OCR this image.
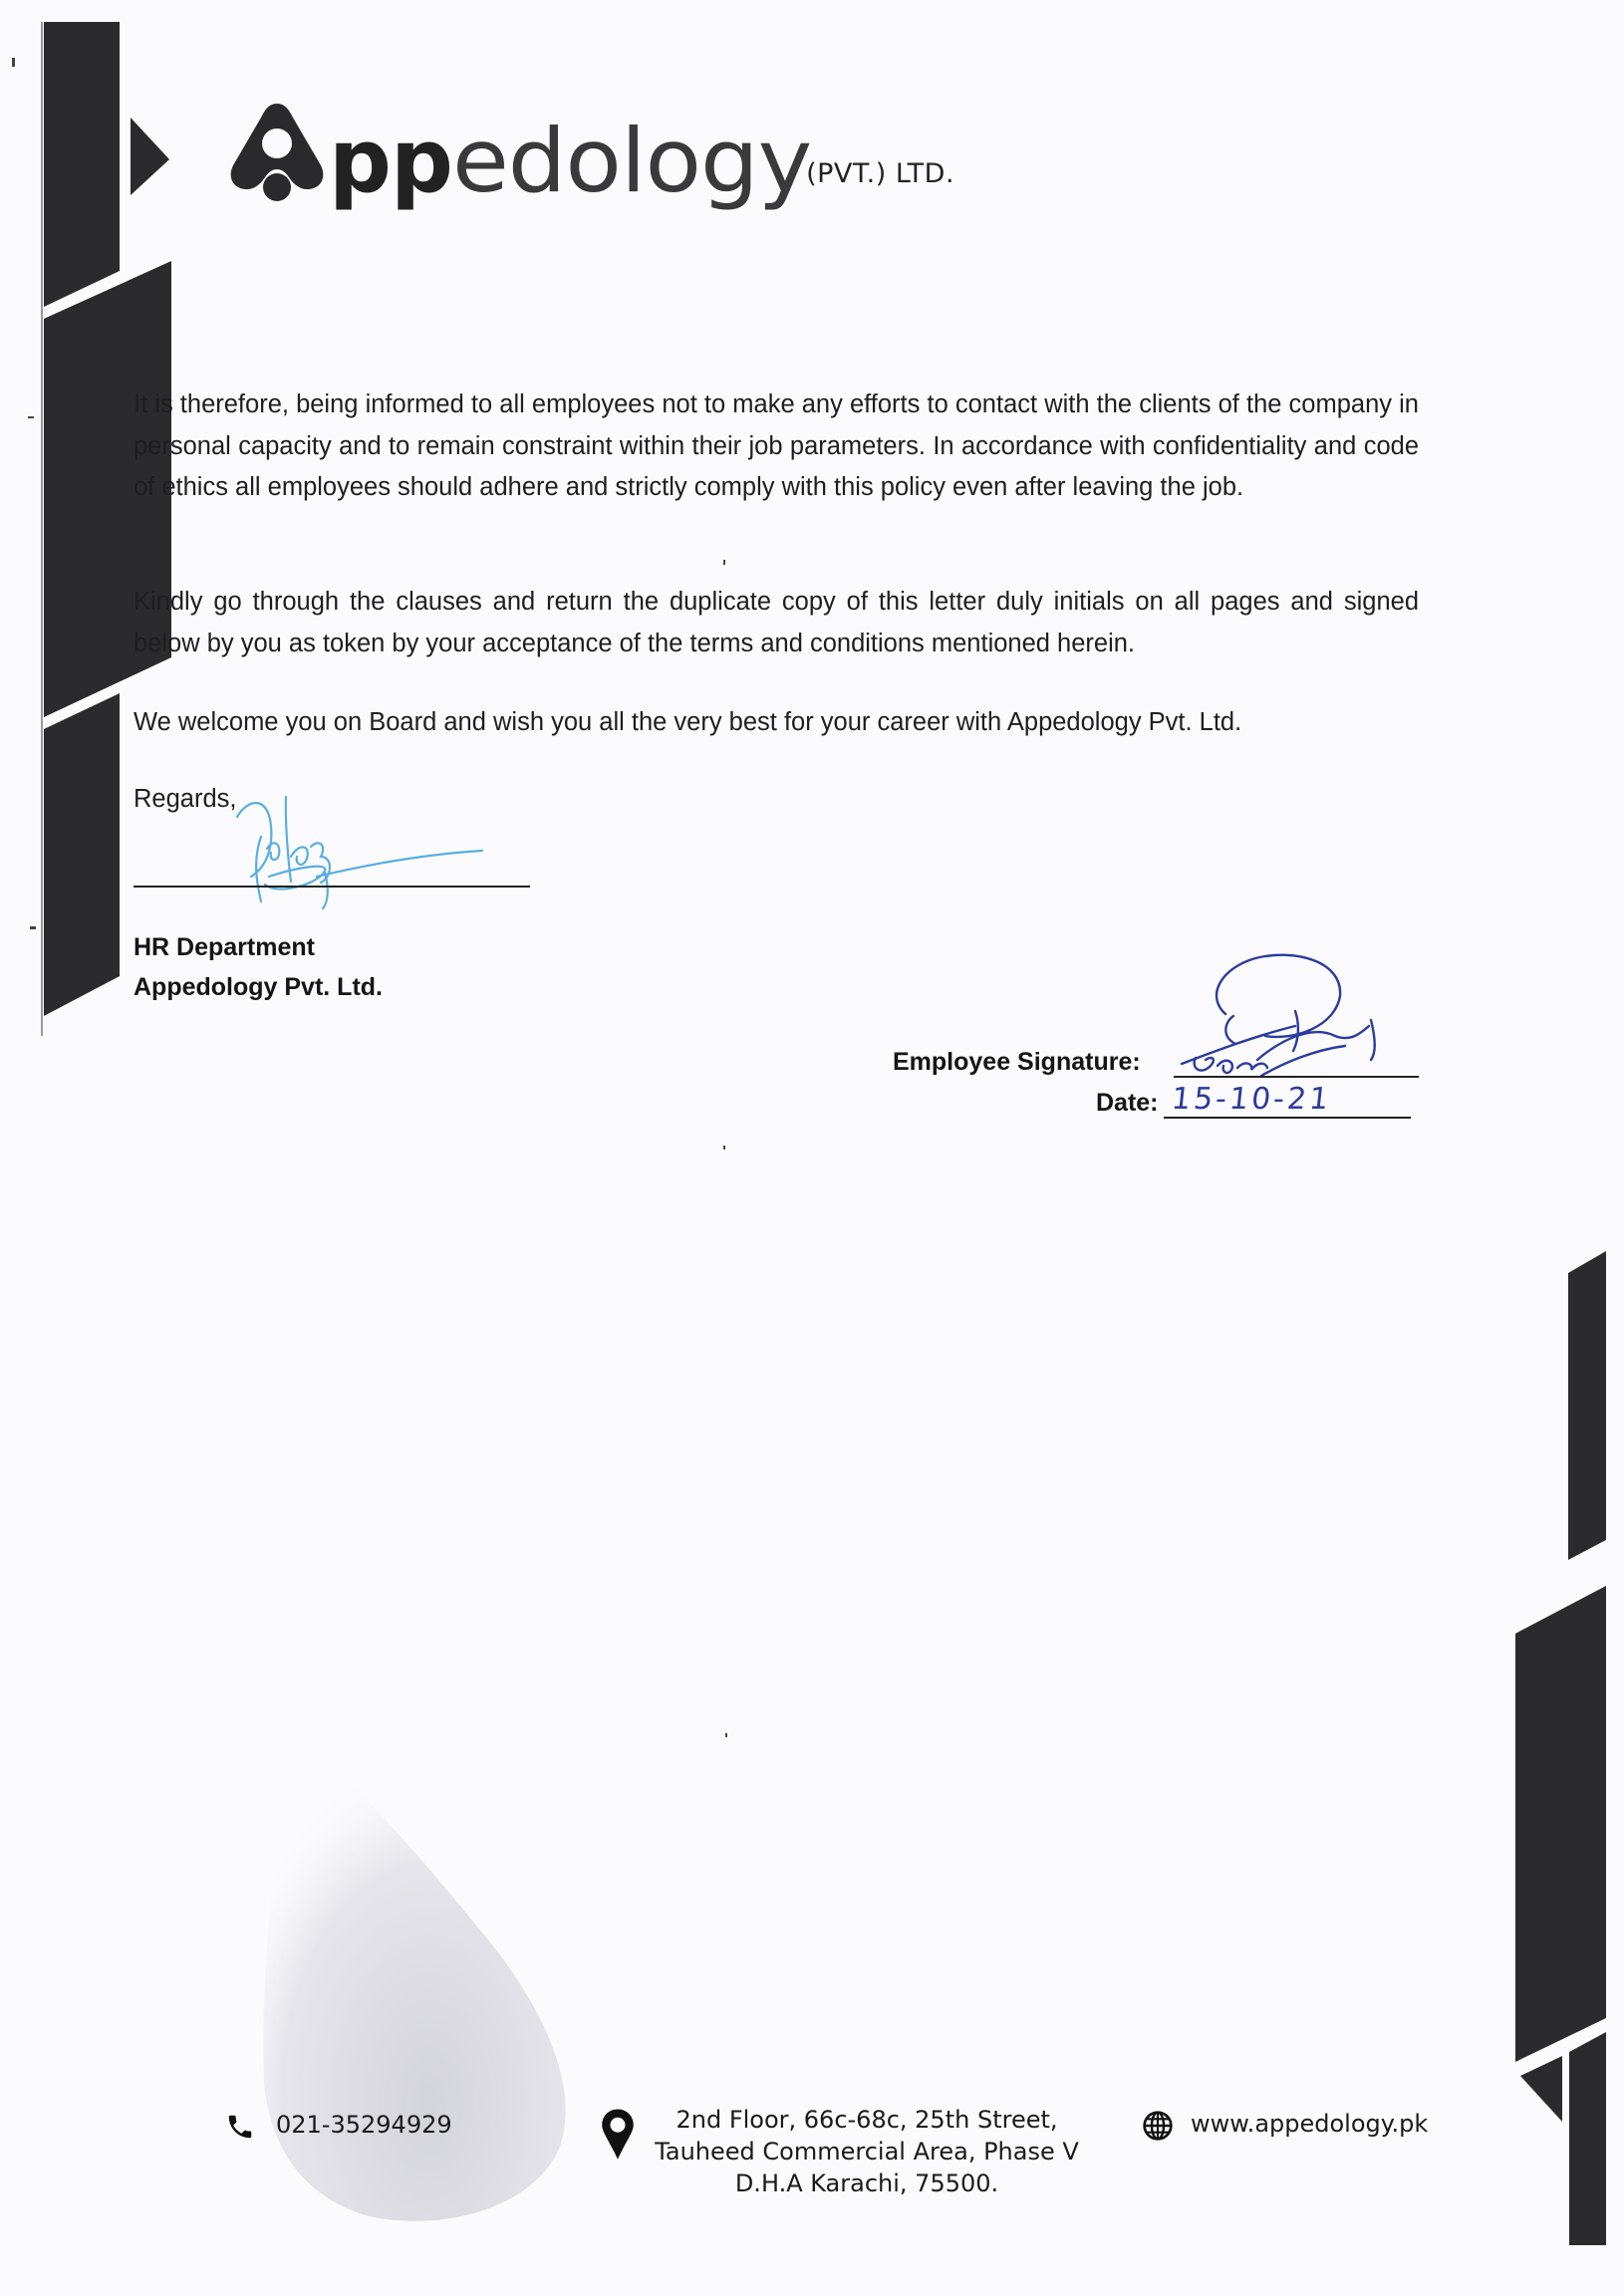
pp edology
(PVT.) LTD.

It is therefore, being informed to all employees not to make any efforts to contact with the clients of the company in personal capacity and to remain constraint within their job parameters. In accordance with confidentiality and code of ethics all employees should adhere and strictly comply with this policy even after leaving the job.

Kindly go through the clauses and return the duplicate copy of this letter duly initials on all pages and signed below by you as token by your acceptance of the terms and conditions mentioned herein.

We welcome you on Board and wish you all the very best for your career with Appedology Pvt. Ltd.

Regards,
HR Department
Appedology Pvt. Ltd.
Employee Signature:
Date: 15-10-21
021-35294929	2nd Floor, 66c-68c, 25th Street,
Tauheed Commercial Area, Phase V
D.H.A Karachi, 75500.
www.appedology.pk
